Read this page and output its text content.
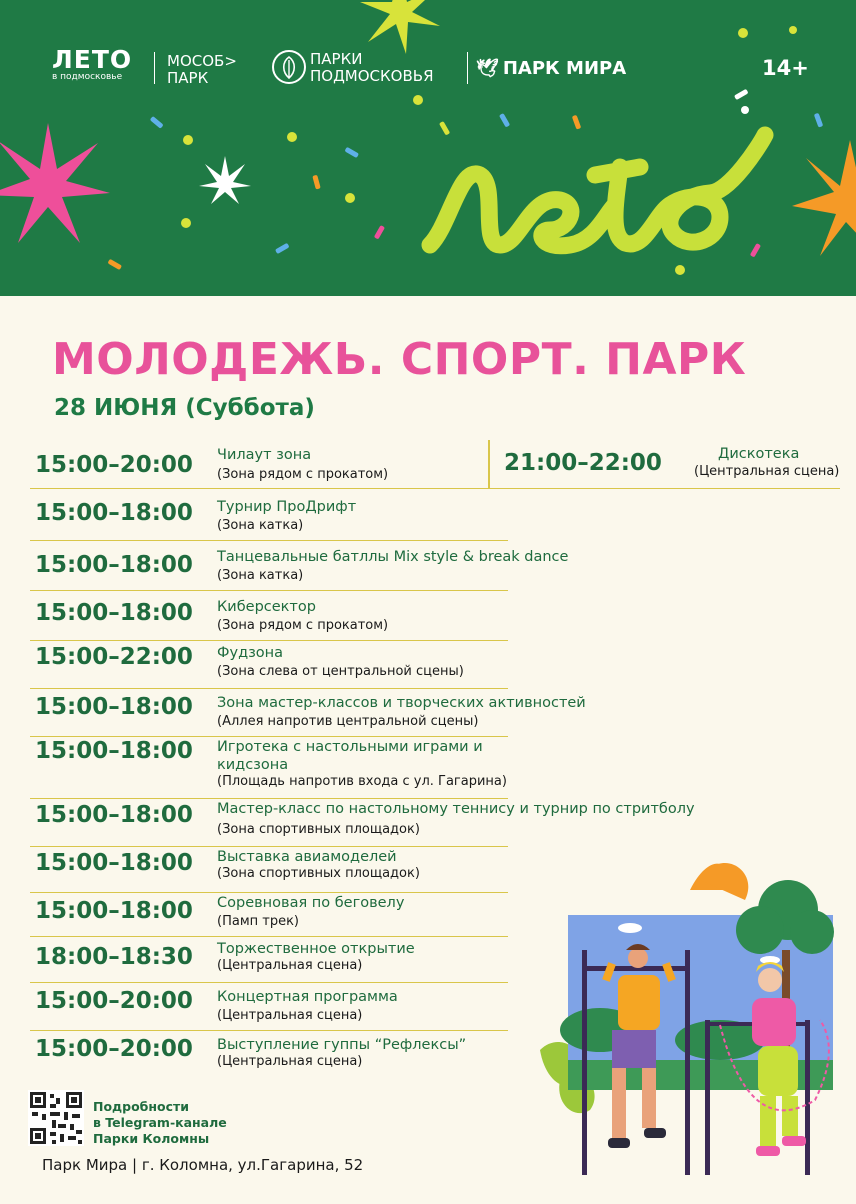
ЛЕТО
в подмосковье
МОСОБ>
ПАРК
ПАРКИ
ПОДМОСКОВЬЯ 🕊 ПАРК МИРА	14+
МОЛОДЕЖЬ. СПОРТ. ПАРК
28 ИЮНЯ (Суббота)
21:00–22:00	Дискотека
(Центральная сцена)
15:00–20:00 Чилаут зона
(Зона рядом с прокатом)
15:00–18:00 Турнир ПроДрифт
(Зона катка)
15:00–18:00 Танцевальные батллы Mix style & break dance
(Зона катка)
15:00–18:00 Киберсектор
(Зона рядом с прокатом)
15:00–22:00 Фудзона
(Зона слева от центральной сцены)
15:00–18:00 Зона мастер-классов и творческих активностей
(Аллея напротив центральной сцены)
15:00–18:00 Игротека с настольными играми и кидсзона
(Площадь напротив входа с ул. Гагарина)
15:00–18:00 Мастер-класс по настольному теннису и турнир по стритболу
(Зона спортивных площадок)
15:00–18:00 Выставка авиамоделей
(Зона спортивных площадок)
15:00–18:00 Соревновая по беговелу
(Памп трек)
18:00–18:30 Торжественное открытие
(Центральная сцена)
15:00–20:00 Концертная программа
(Центральная сцена)
15:00–20:00 Выступление гуппы “Рефлексы”
(Центральная сцена)
Подробности
в Telegram-канале
Парки Коломны
Парк Мира | г. Коломна, ул.Гагарина, 52
